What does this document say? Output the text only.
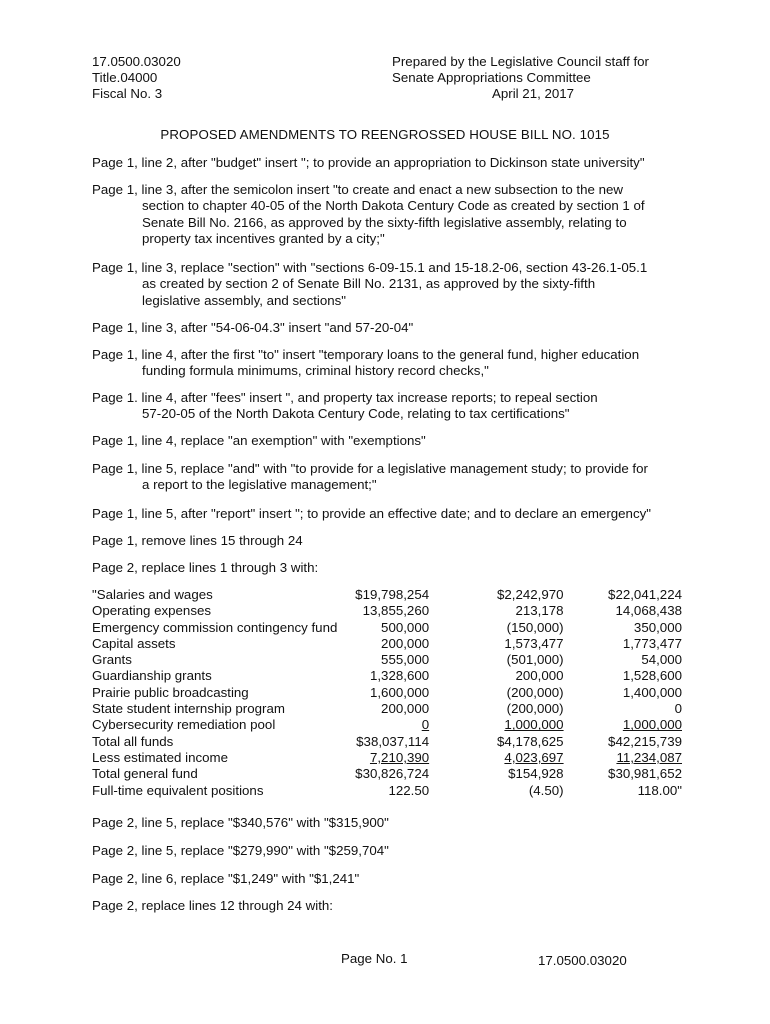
17.0500.03020
Title.04000
Fiscal No. 3
Prepared by the Legislative Council staff for
Senate Appropriations Committee
April 21, 2017
PROPOSED AMENDMENTS TO REENGROSSED HOUSE BILL NO. 1015
Page 1, line 2, after "budget" insert "; to provide an appropriation to Dickinson state university"
Page 1, line 3, after the semicolon insert "to create and enact a new subsection to the new
section to chapter 40-05 of the North Dakota Century Code as created by section 1 of
Senate Bill No. 2166, as approved by the sixty-fifth legislative assembly, relating to
property tax incentives granted by a city;"
Page 1, line 3, replace "section" with "sections 6-09-15.1 and 15-18.2-06, section 43-26.1-05.1
as created by section 2 of Senate Bill No. 2131, as approved by the sixty-fifth
legislative assembly, and sections"
Page 1, line 3, after "54-06-04.3" insert "and 57-20-04"
Page 1, line 4, after the first "to" insert "temporary loans to the general fund, higher education
funding formula minimums, criminal history record checks,"
Page 1. line 4, after "fees" insert ", and property tax increase reports; to repeal section
57-20-05 of the North Dakota Century Code, relating to tax certifications"
Page 1, line 4, replace "an exemption" with "exemptions"
Page 1, line 5, replace "and" with "to provide for a legislative management study; to provide for
a report to the legislative management;"
Page 1, line 5, after "report" insert "; to provide an effective date; and to declare an emergency"
Page 1, remove lines 15 through 24
Page 2, replace lines 1 through 3 with:
"Salaries and wages	$19,798,254	$2,242,970	$22,041,224
Operating expenses	13,855,260	213,178	14,068,438
Emergency commission contingency fund	500,000	(150,000)	350,000
Capital assets	200,000	1,573,477	1,773,477
Grants	555,000	(501,000)	54,000
Guardianship grants	1,328,600	200,000	1,528,600
Prairie public broadcasting	1,600,000	(200,000)	1,400,000
State student internship program	200,000	(200,000)	0
Cybersecurity remediation pool	0	1,000,000	1,000,000
Total all funds	$38,037,114	$4,178,625	$42,215,739
Less estimated income	7,210,390	4,023,697	11,234,087
Total general fund	$30,826,724	$154,928	$30,981,652
Full-time equivalent positions	122.50	(4.50)	118.00"
Page 2, line 5, replace "$340,576" with "$315,900"
Page 2, line 5, replace "$279,990" with "$259,704"
Page 2, line 6, replace "$1,249" with "$1,241"
Page 2, replace lines 12 through 24 with:
Page No. 1	17.0500.03020
